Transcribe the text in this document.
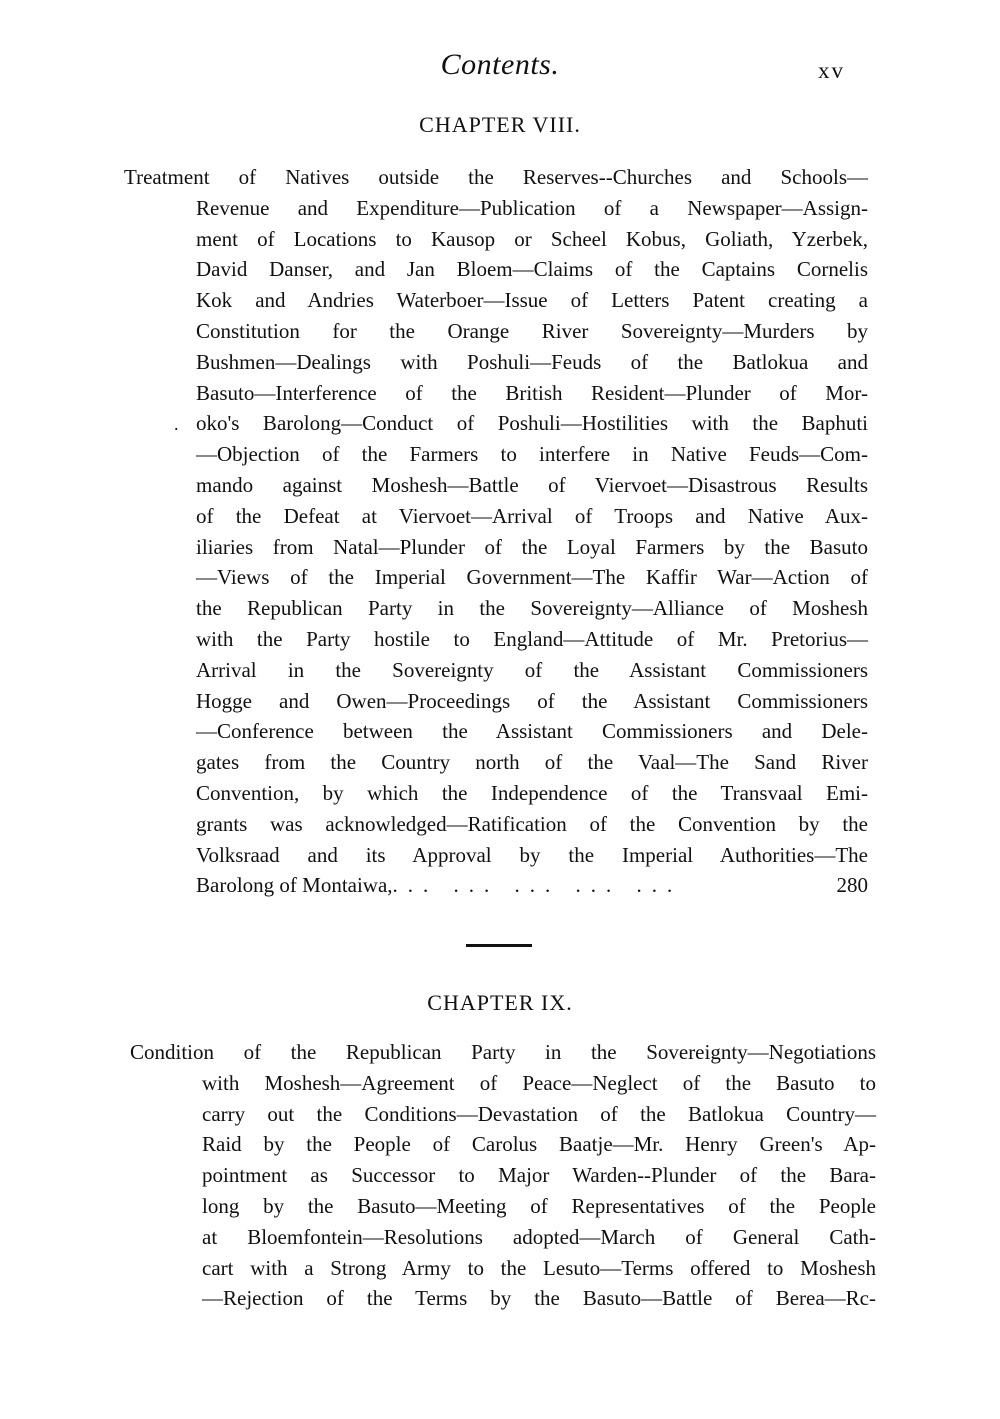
Contents.	xv
CHAPTER VIII.
Treatment of Natives outside the Reserves--Churches and Schools—
Revenue and Expenditure—Publication of a Newspaper—Assign-
ment of Locations to Kausop or Scheel Kobus, Goliath, Yzerbek,
David Danser, and Jan Bloem—Claims of the Captains Cornelis
Kok and Andries Waterboer—Issue of Letters Patent creating a
Constitution for the Orange River Sovereignty—Murders by
Bushmen—Dealings with Poshuli—Feuds of the Batlokua and
Basuto—Interference of the British Resident—Plunder of Mor-
oko's Barolong—Conduct of Poshuli—Hostilities with the Baphuti
—Objection of the Farmers to interfere in Native Feuds—Com-
mando against Moshesh—Battle of Viervoet—Disastrous Results
of the Defeat at Viervoet—Arrival of Troops and Native Aux-
iliaries from Natal—Plunder of the Loyal Farmers by the Basuto
—Views of the Imperial Government—The Kaffir War—Action of
the Republican Party in the Sovereignty—Alliance of Moshesh
with the Party hostile to England—Attitude of Mr. Pretorius—
Arrival in the Sovereignty of the Assistant Commissioners
Hogge and Owen—Proceedings of the Assistant Commissioners
—Conference between the Assistant Commissioners and Dele-
gates from the Country north of the Vaal—The Sand River
Convention, by which the Independence of the Transvaal Emi-
grants was acknowledged—Ratification of the Convention by the
Volksraad and its Approval by the Imperial Authorities—The
Barolong of Montaiwa, ... ... ... ... ...	280
.
CHAPTER IX.
Condition of the Republican Party in the Sovereignty—Negotiations
with Moshesh—Agreement of Peace—Neglect of the Basuto to
carry out the Conditions—Devastation of the Batlokua Country—
Raid by the People of Carolus Baatje—Mr. Henry Green's Ap-
pointment as Successor to Major Warden--Plunder of the Bara-
long by the Basuto—Meeting of Representatives of the People
at Bloemfontein—Resolutions adopted—March of General Cath-
cart with a Strong Army to the Lesuto—Terms offered to Moshesh
—Rejection of the Terms by the Basuto—Battle of Berea—Rc-
